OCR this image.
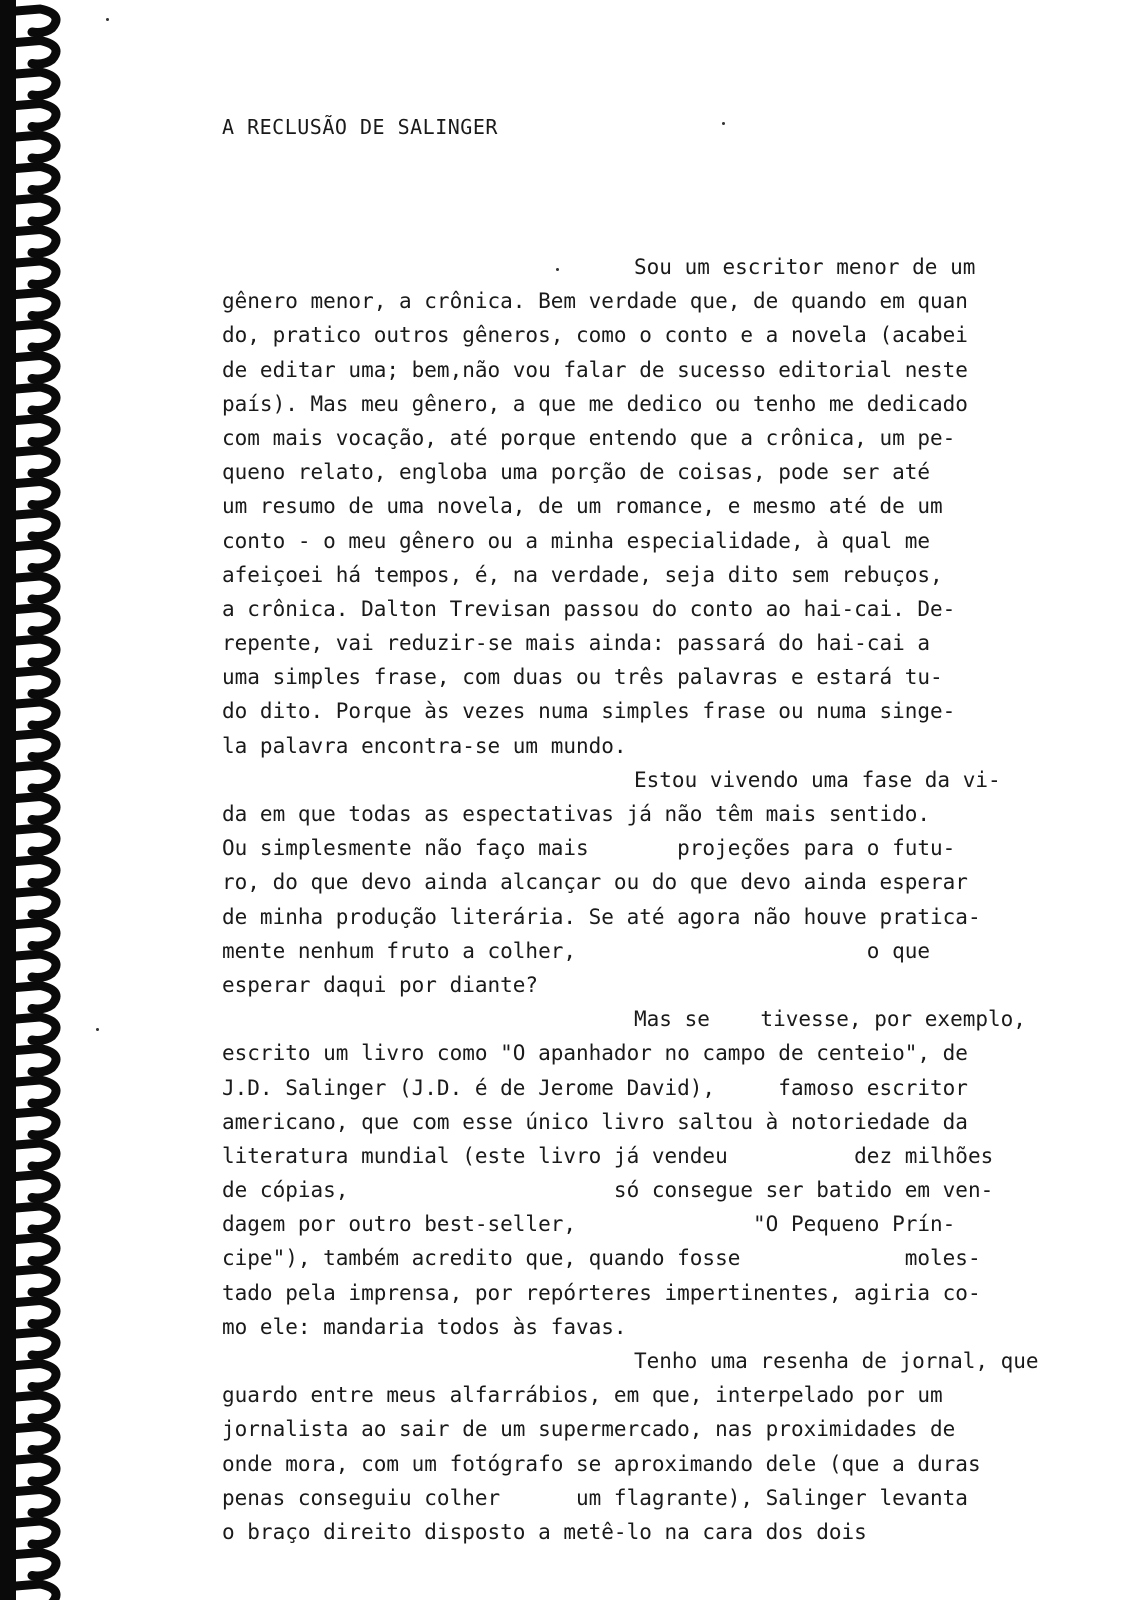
A RECLUSÃO DE SALINGER
Sou um escritor menor de um
gênero menor, a crônica. Bem verdade que, de quando em quan
do, pratico outros gêneros, como o conto e a novela (acabei
de editar uma; bem,não vou falar de sucesso editorial neste
país). Mas meu gênero, a que me dedico ou tenho me dedicado
com mais vocação, até porque entendo que a crônica, um pe-
queno relato, engloba uma porção de coisas, pode ser até
um resumo de uma novela, de um romance, e mesmo até de um
conto - o meu gênero ou a minha especialidade, à qual me
afeiçoei há tempos, é, na verdade, seja dito sem rebuços,
a crônica. Dalton Trevisan passou do conto ao hai-cai. De-
repente, vai reduzir-se mais ainda: passará do hai-cai a
uma simples frase, com duas ou três palavras e estará tu-
do dito. Porque às vezes numa simples frase ou numa singe-
la palavra encontra-se um mundo.
Estou vivendo uma fase da vi-
da em que todas as espectativas já não têm mais sentido.
Ou simplesmente não faço mais       projeções para o futu-
ro, do que devo ainda alcançar ou do que devo ainda esperar
de minha produção literária. Se até agora não houve pratica-
mente nenhum fruto a colher,                       o que
esperar daqui por diante?
Mas se    tivesse, por exemplo,
escrito um livro como "O apanhador no campo de centeio", de
J.D. Salinger (J.D. é de Jerome David),     famoso escritor
americano, que com esse único livro saltou à notoriedade da
literatura mundial (este livro já vendeu          dez milhões
de cópias,                     só consegue ser batido em ven-
dagem por outro best-seller,              "O Pequeno Prín-
cipe"), também acredito que, quando fosse             moles-
tado pela imprensa, por repórteres impertinentes, agiria co-
mo ele: mandaria todos às favas.
Tenho uma resenha de jornal, que
guardo entre meus alfarrábios, em que, interpelado por um
jornalista ao sair de um supermercado, nas proximidades de
onde mora, com um fotógrafo se aproximando dele (que a duras
penas conseguiu colher      um flagrante), Salinger levanta
o braço direito disposto a metê-lo na cara dos dois
